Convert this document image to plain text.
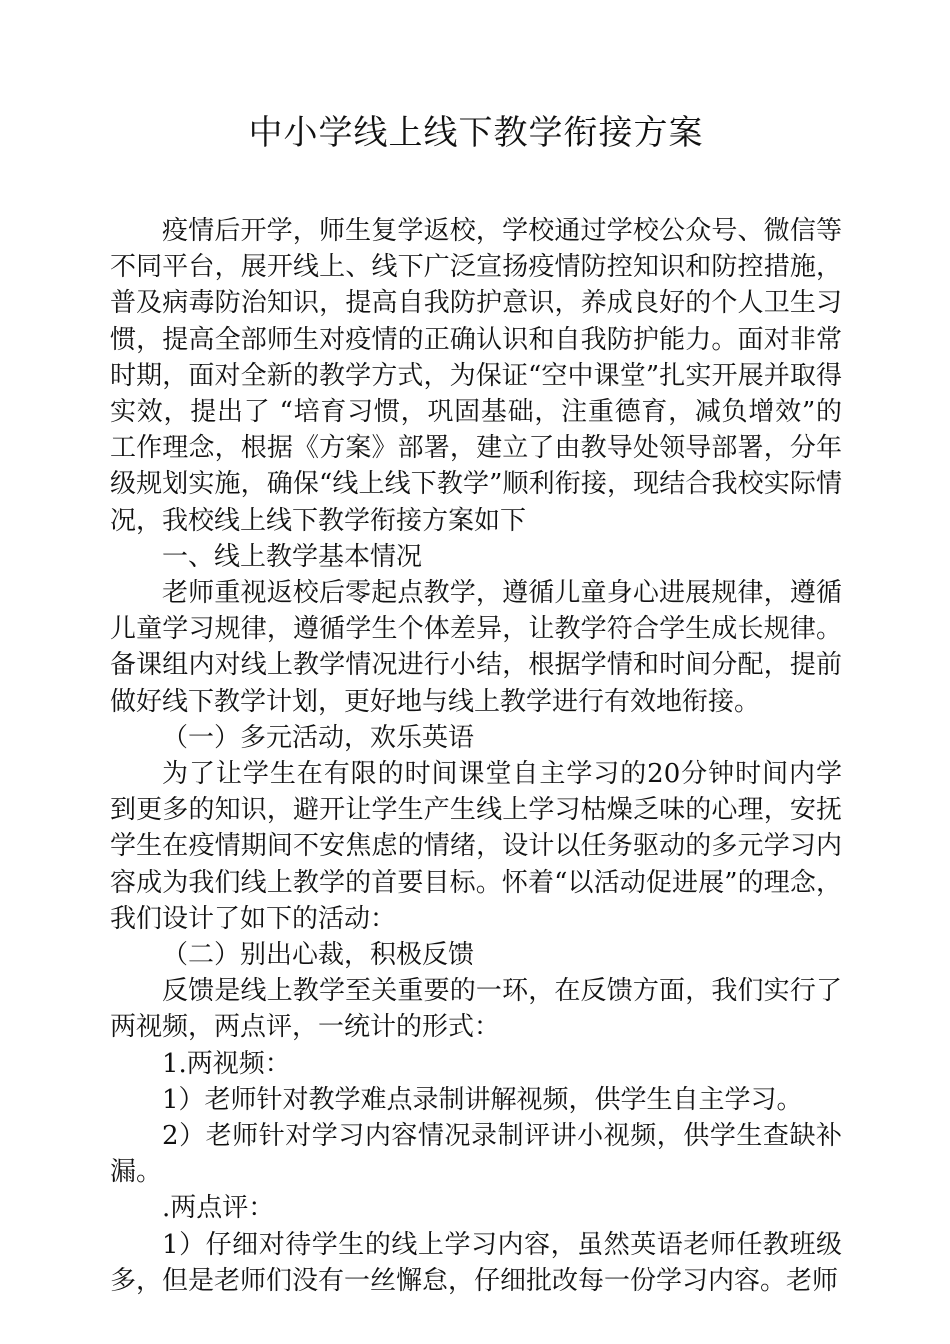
中小学线上线下教学衔接方案

疫情后开学，师生复学返校，学校通过学校公众号、微信等不同平台，展开线上、线下广泛宣扬疫情防控知识和防控措施，普及病毒防治知识，提高自我防护意识，养成良好的个人卫生习惯，提高全部师生对疫情的正确认识和自我防护能力。面对非常时期，面对全新的教学方式，为保证“空中课堂”扎实开展并取得实效，提出了 “培育习惯，巩固基础，注重德育，减负增效”的工作理念，根据《方案》部署，建立了由教导处领导部署，分年级规划实施，确保“线上线下教学”顺利衔接，现结合我校实际情况，我校线上线下教学衔接方案如下

一、线上教学基本情况

老师重视返校后零起点教学，遵循儿童身心进展规律，遵循儿童学习规律，遵循学生个体差异，让教学符合学生成长规律。备课组内对线上教学情况进行小结，根据学情和时间分配，提前做好线下教学计划，更好地与线上教学进行有效地衔接。

（一）多元活动，欢乐英语

为了让学生在有限的时间课堂自主学习的20分钟时间内学到更多的知识，避开让学生产生线上学习枯燥乏味的心理，安抚学生在疫情期间不安焦虑的情绪，设计以任务驱动的多元学习内容成为我们线上教学的首要目标。怀着“以活动促进展”的理念，我们设计了如下的活动：

（二）别出心裁，积极反馈

反馈是线上教学至关重要的一环，在反馈方面，我们实行了两视频，两点评，一统计的形式：

1.两视频：

1）老师针对教学难点录制讲解视频，供学生自主学习。

2）老师针对学习内容情况录制评讲小视频，供学生查缺补漏。

.两点评：

1）仔细对待学生的线上学习内容，虽然英语老师任教班级多，但是老师们没有一丝懈怠，仔细批改每一份学习内容。老师
